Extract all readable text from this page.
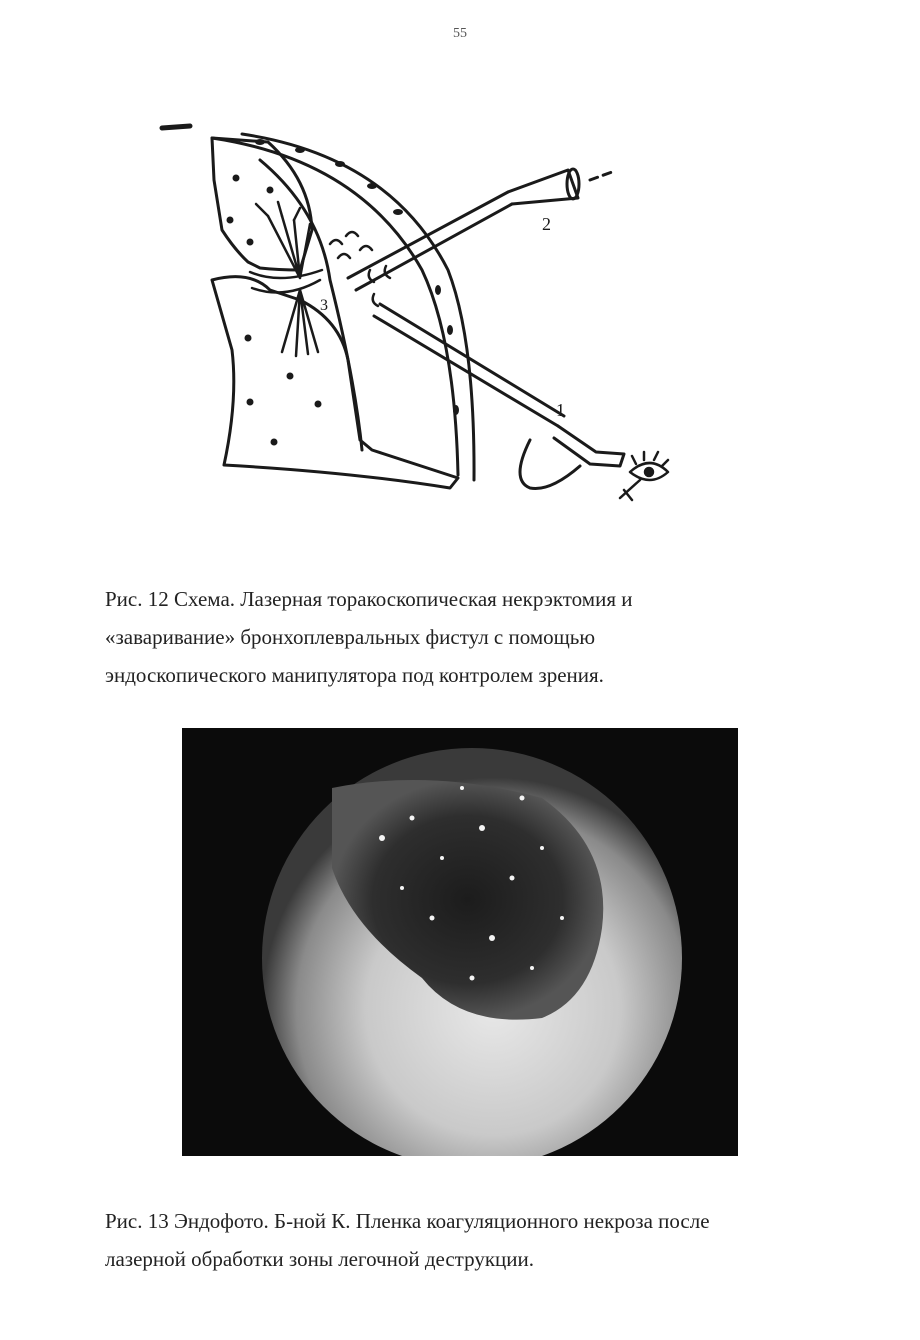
55
2
1
3
Рис. 12 Схема. Лазерная торакоскопическая некрэктомия и
«заваривание» бронхоплевральных фистул с помощью
эндоскопического манипулятора под контролем зрения.
Рис. 13 Эндофото. Б-ной К. Пленка коагуляционного некроза после
лазерной обработки зоны легочной деструкции.
